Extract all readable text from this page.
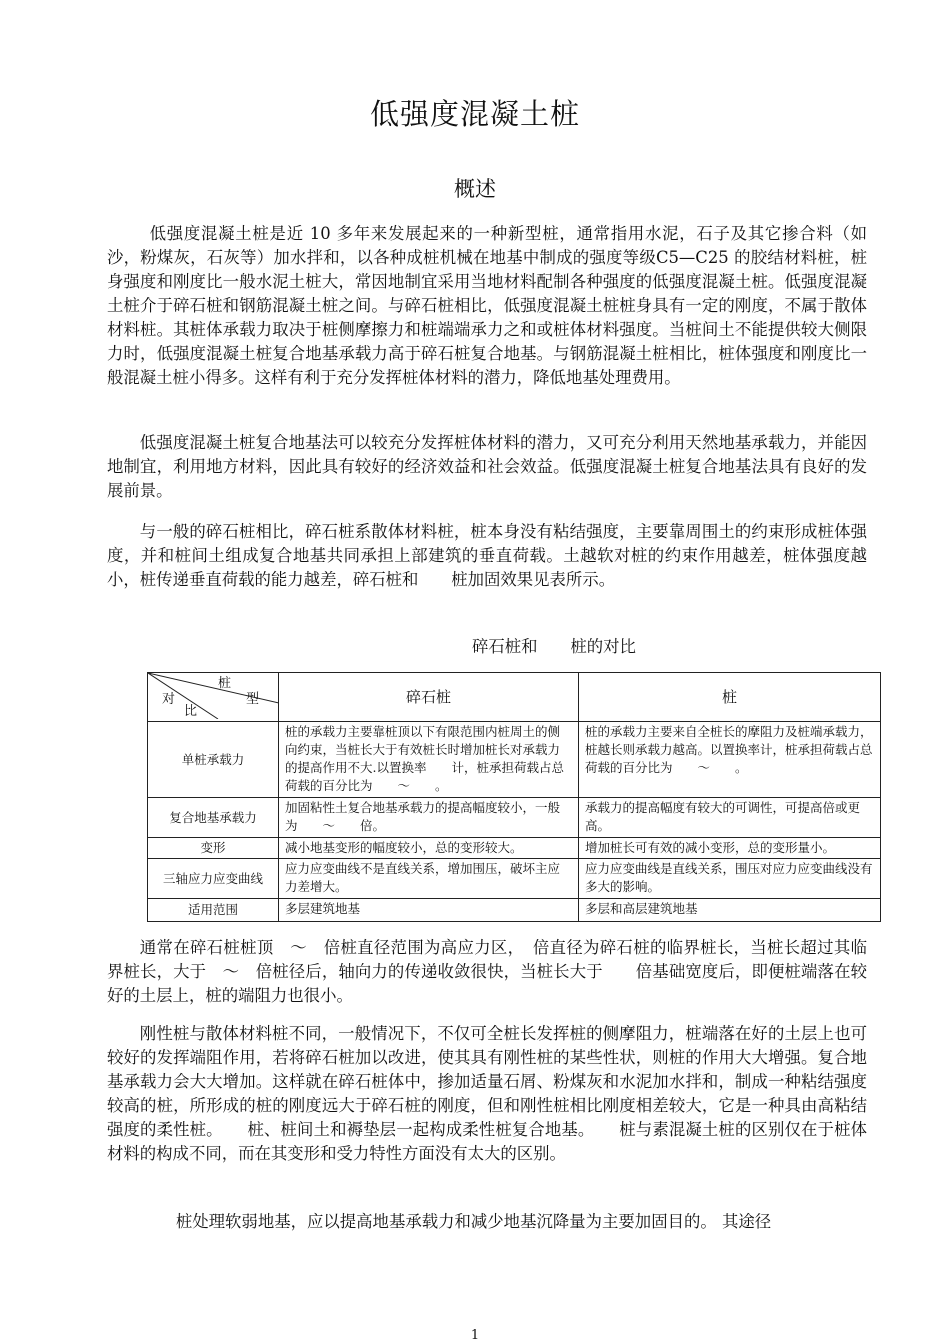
低强度混凝土桩
概述

低强度混凝土桩是近 10 多年来发展起来的一种新型桩，通常指用水泥，石子及其它掺合料（如沙，粉煤灰，石灰等）加水拌和，以各种成桩机械在地基中制成的强度等级C5—C25 的胶结材料桩，桩身强度和刚度比一般水泥土桩大，常因地制宜采用当地材料配制各种强度的低强度混凝土桩。低强度混凝土桩介于碎石桩和钢筋混凝土桩之间。与碎石桩相比，低强度混凝土桩桩身具有一定的刚度，不属于散体材料桩。其桩体承载力取决于桩侧摩擦力和桩端端承力之和或桩体材料强度。当桩间土不能提供较大侧限力时，低强度混凝土桩复合地基承载力高于碎石桩复合地基。与钢筋混凝土桩相比，桩体强度和刚度比一般混凝土桩小得多。这样有利于充分发挥桩体材料的潜力，降低地基处理费用。

低强度混凝土桩复合地基法可以较充分发挥桩体材料的潜力，又可充分利用天然地基承载力，并能因地制宜，利用地方材料，因此具有较好的经济效益和社会效益。低强度混凝土桩复合地基法具有良好的发展前景。

与一般的碎石桩相比，碎石桩系散体材料桩，桩本身没有粘结强度，主要靠周围土的约束形成桩体强度，并和桩间土组成复合地基共同承担上部建筑的垂直荷载。土越软对桩的约束作用越差，桩体强度越小，桩传递垂直荷载的能力越差，碎石桩和　　桩加固效果见表所示。

碎石桩和　　桩的对比
桩
型
对
比	碎石桩	桩
单桩承载力	桩的承载力主要靠桩顶以下有限范围内桩周土的侧向约束，当桩长大于有效桩长时增加桩长对承载力的提高作用不大.以置换率　　计，桩承担荷载占总荷载的百分比为　　～　　。	桩的承载力主要来自全桩长的摩阻力及桩端承载力，桩越长则承载力越高。以置换率计，桩承担荷载占总荷载的百分比为　　～　　。
复合地基承载力	加固粘性土复合地基承载力的提高幅度较小，一般为　　～　　倍。	承载力的提高幅度有较大的可调性，可提高倍或更高。
变形	减小地基变形的幅度较小，总的变形较大。	增加桩长可有效的减小变形，总的变形量小。
三轴应力应变曲线	应力应变曲线不是直线关系，增加围压，破坏主应力差增大。	应力应变曲线是直线关系，围压对应力应变曲线没有多大的影响。
适用范围	多层建筑地基	多层和高层建筑地基

通常在碎石桩桩顶　～　倍桩直径范围为高应力区，　倍直径为碎石桩的临界桩长，当桩长超过其临界桩长，大于　～　倍桩径后，轴向力的传递收敛很快，当桩长大于　　倍基础宽度后，即便桩端落在较好的土层上，桩的端阻力也很小。

刚性桩与散体材料桩不同，一般情况下，不仅可全桩长发挥桩的侧摩阻力，桩端落在好的土层上也可较好的发挥端阻作用，若将碎石桩加以改进，使其具有刚性桩的某些性状，则桩的作用大大增强。复合地基承载力会大大增加。这样就在碎石桩体中，掺加适量石屑、粉煤灰和水泥加水拌和，制成一种粘结强度较高的桩，所形成的桩的刚度远大于碎石桩的刚度，但和刚性桩相比刚度相差较大，它是一种具由高粘结强度的柔性桩。　　桩、桩间土和褥垫层一起构成柔性桩复合地基。　　桩与素混凝土桩的区别仅在于桩体材料的构成不同，而在其变形和受力特性方面没有太大的区别。

桩处理软弱地基，应以提高地基承载力和减少地基沉降量为主要加固目的。 其途径

1
